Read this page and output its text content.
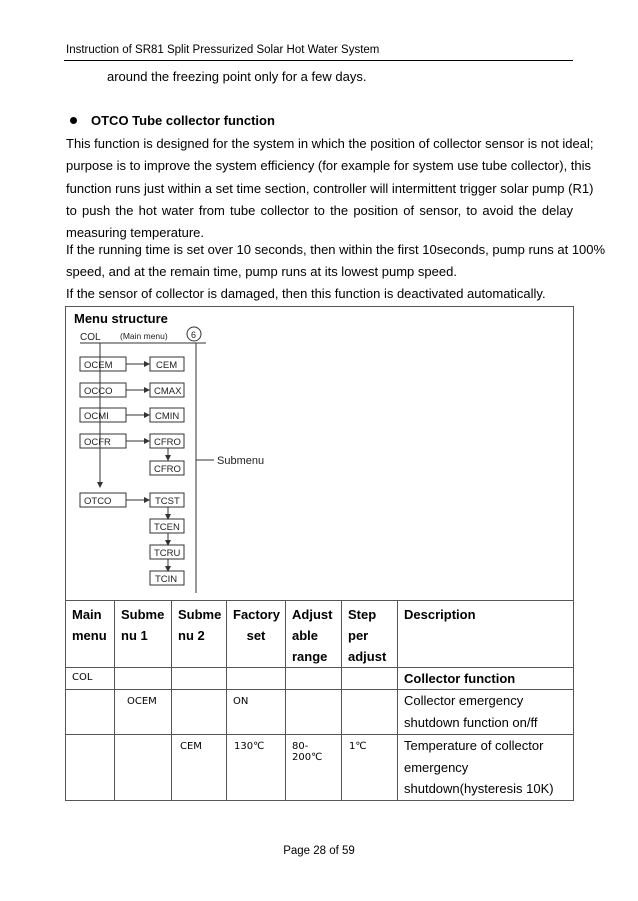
Instruction of SR81 Split Pressurized Solar Hot Water System
around the freezing point only for a few days.
OTCO Tube collector function
This function is designed for the system in which the position of collector sensor is not ideal;
purpose is to improve the system efficiency (for example for system use tube collector), this
function runs just within a set time section, controller will intermittent trigger solar pump (R1)
to push the hot water from tube collector to the position of sensor, to avoid the delay
measuring temperature.
If the running time is set over 10 seconds, then within the first 10seconds, pump runs at 100%
speed, and at the remain time, pump runs at its lowest pump speed.
If the sensor of collector is damaged, then this function is deactivated automatically.
Menu structure
COL (Main menu)	6
OCEM
OCCO
OCMI
OCFR
OTCO
CEM
CMAX
CMIN
CFRO
CFRO
TCST
TCEN
TCRU
TCIN
Submenu
Main menu	Subme nu 1	Subme nu 2	Factory set	Adjust able range	Step per adjust	Description
COL						Collector function
	OCEM		ON			Collector emergency shutdown function on/ff
		CEM	130℃	80-200℃	1℃	Temperature of collector emergency shutdown(hysteresis 10K)
Page 28 of 59
